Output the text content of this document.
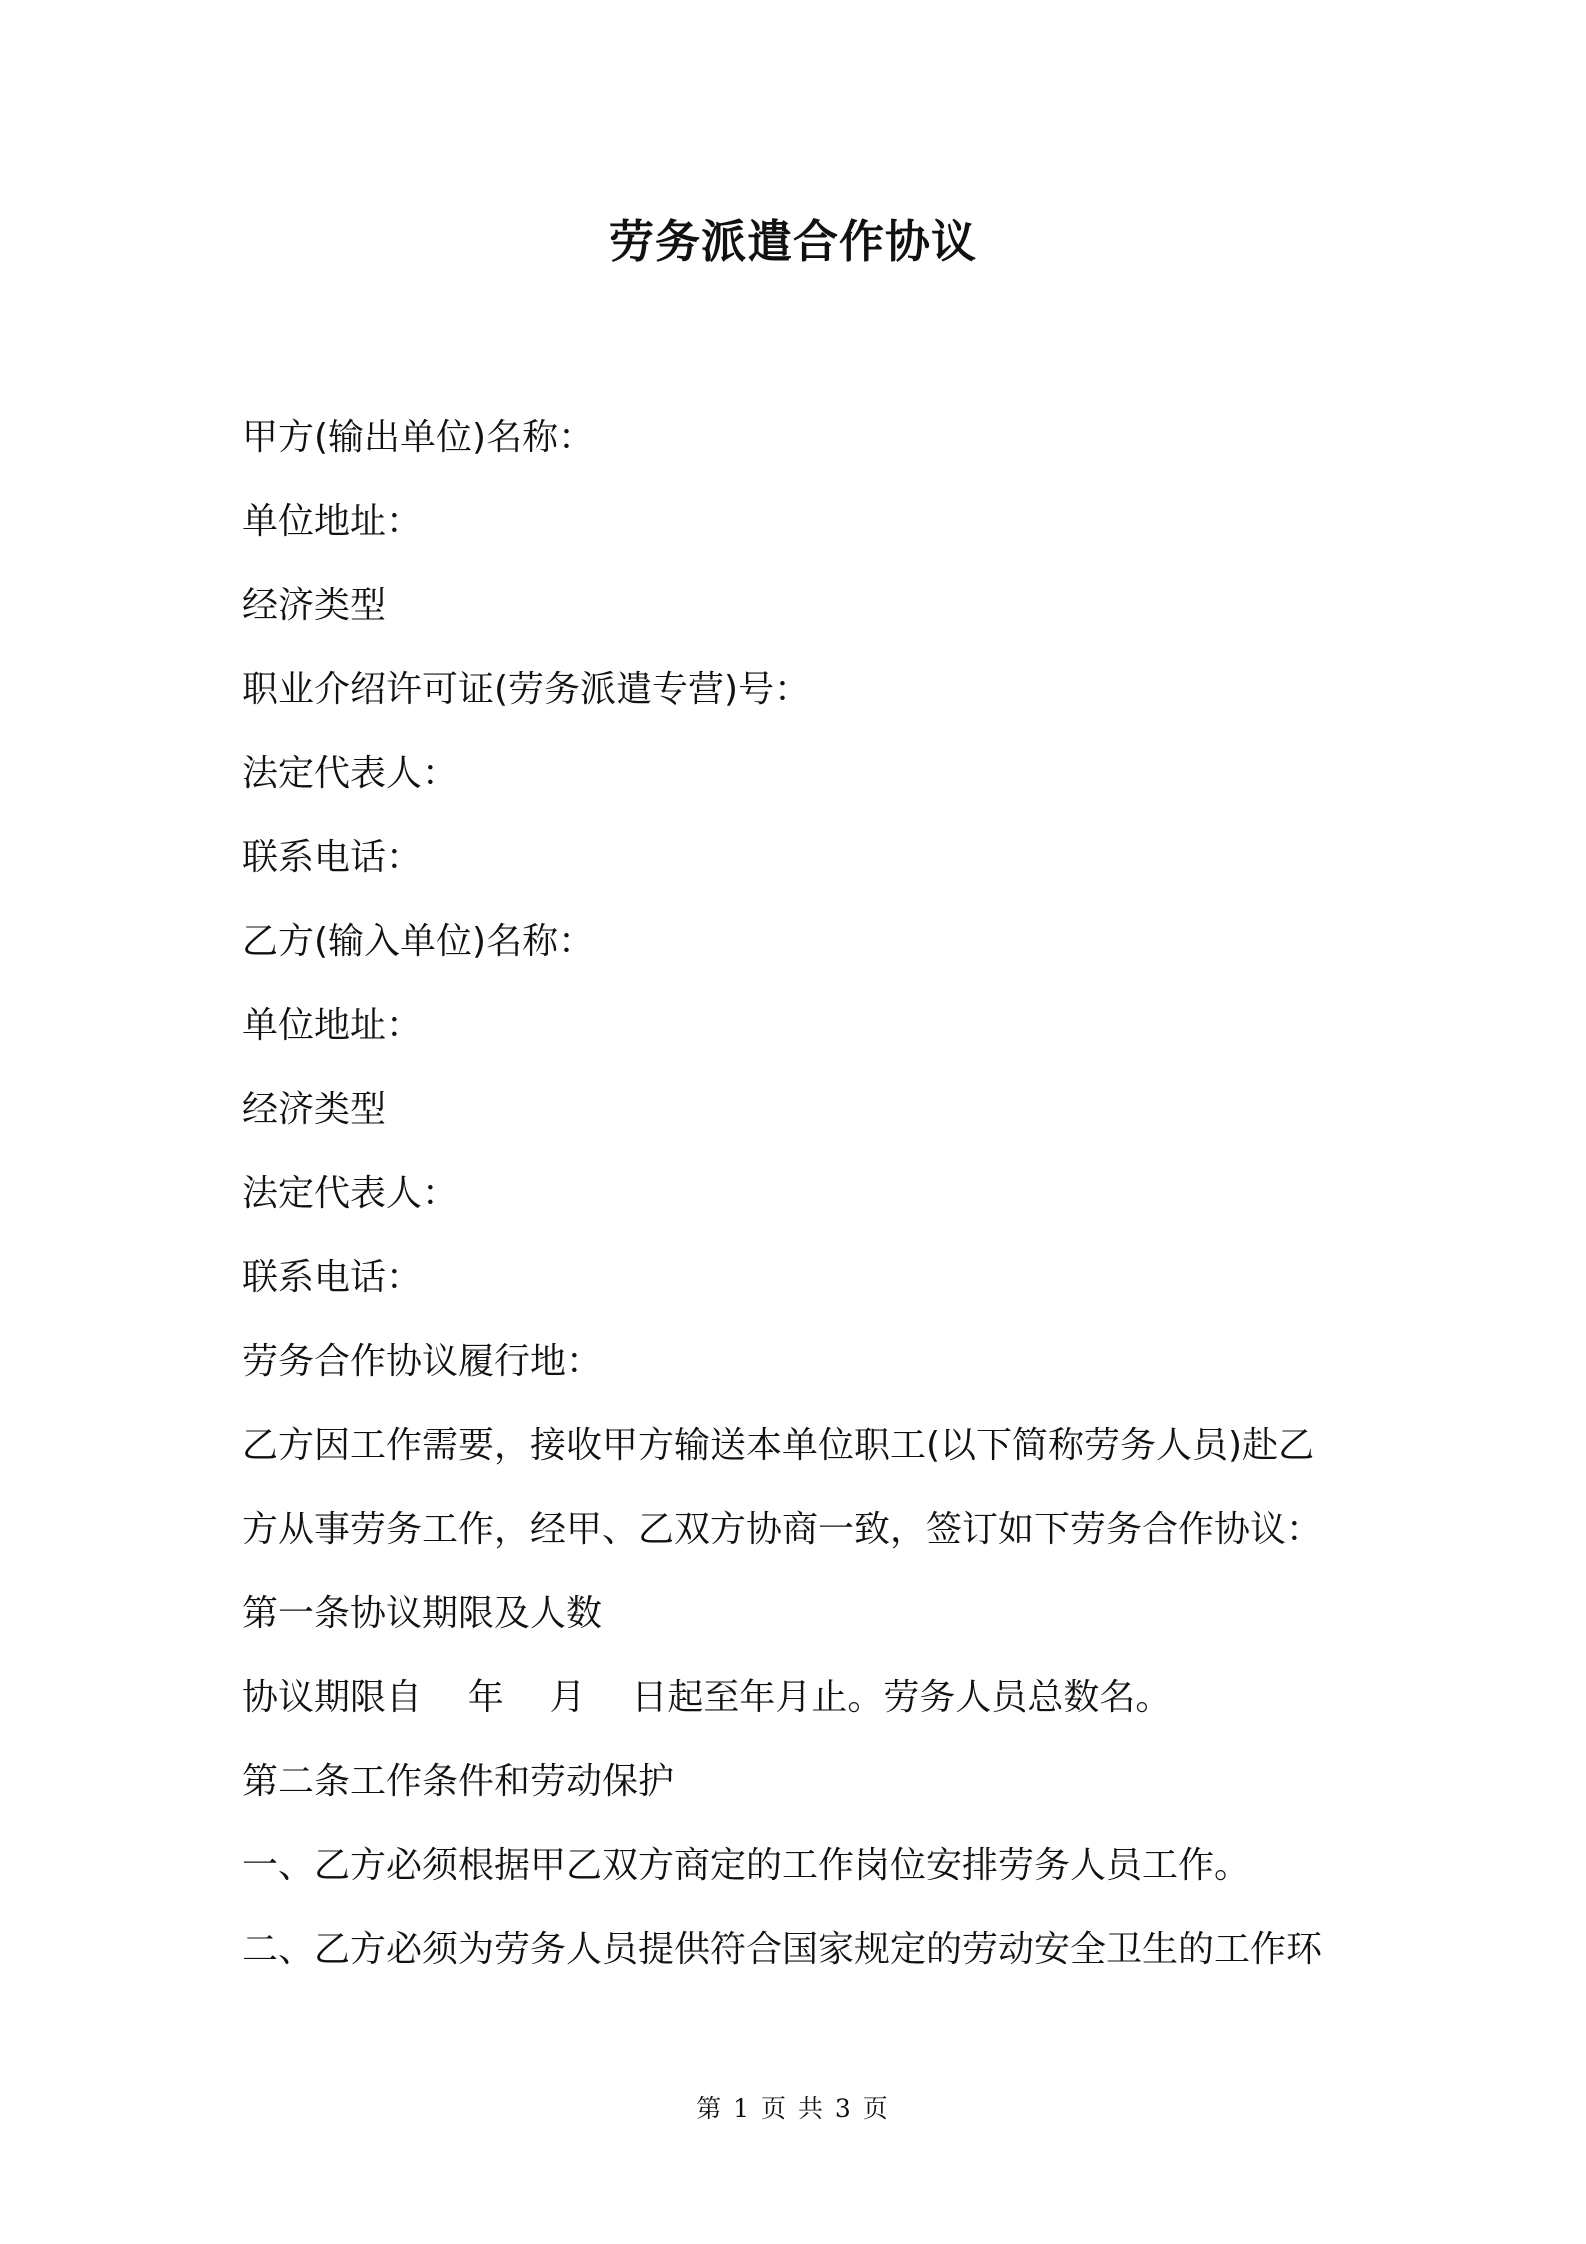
劳务派遣合作协议

甲方(输出单位)名称：

单位地址：

经济类型

职业介绍许可证(劳务派遣专营)号：

法定代表人：

联系电话：

乙方(输入单位)名称：

单位地址：

经济类型

法定代表人：

联系电话：

劳务合作协议履行地：

乙方因工作需要，接收甲方输送本单位职工(以下简称劳务人员)赴乙

方从事劳务工作，经甲、乙双方协商一致，签订如下劳务合作协议：

第一条协议期限及人数

协议期限自    年    月    日起至年月止。劳务人员总数名。

第二条工作条件和劳动保护

一、乙方必须根据甲乙双方商定的工作岗位安排劳务人员工作。

二、乙方必须为劳务人员提供符合国家规定的劳动安全卫生的工作环

第 1 页 共 3 页
